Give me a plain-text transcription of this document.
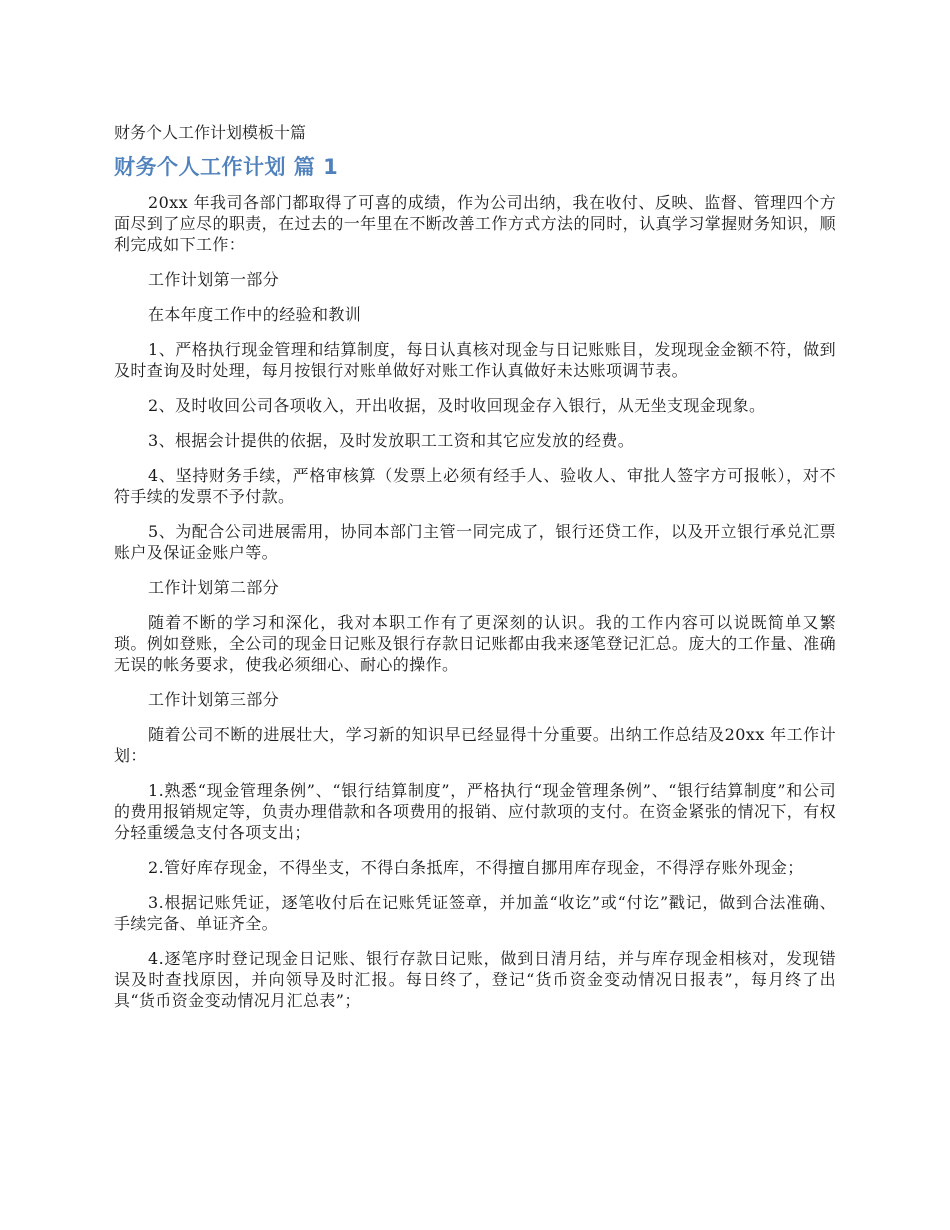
财务个人工作计划模板十篇
财务个人工作计划 篇 1

20xx 年我司各部门都取得了可喜的成绩，作为公司出纳，我在收付、反映、监督、管理四个方面尽到了应尽的职责，在过去的一年里在不断改善工作方式方法的同时，认真学习掌握财务知识，顺利完成如下工作：

工作计划第一部分

在本年度工作中的经验和教训

1、严格执行现金管理和结算制度，每日认真核对现金与日记账账目，发现现金金额不符，做到及时查询及时处理，每月按银行对账单做好对账工作认真做好未达账项调节表。

2、及时收回公司各项收入，开出收据，及时收回现金存入银行，从无坐支现金现象。

3、根据会计提供的依据，及时发放职工工资和其它应发放的经费。

4、坚持财务手续，严格审核算（发票上必须有经手人、验收人、审批人签字方可报帐），对不符手续的发票不予付款。

5、为配合公司进展需用，协同本部门主管一同完成了，银行还贷工作，以及开立银行承兑汇票账户及保证金账户等。

工作计划第二部分

随着不断的学习和深化，我对本职工作有了更深刻的认识。我的工作内容可以说既简单又繁琐。例如登账，全公司的现金日记账及银行存款日记账都由我来逐笔登记汇总。庞大的工作量、准确无误的帐务要求，使我必须细心、耐心的操作。

工作计划第三部分

随着公司不断的进展壮大，学习新的知识早已经显得十分重要。出纳工作总结及20xx 年工作计划：

1.熟悉“现金管理条例”、“银行结算制度”，严格执行“现金管理条例”、“银行结算制度”和公司的费用报销规定等，负责办理借款和各项费用的报销、应付款项的支付。在资金紧张的情况下，有权分轻重缓急支付各项支出；

2.管好库存现金，不得坐支，不得白条抵库，不得擅自挪用库存现金，不得浮存账外现金；

3.根据记账凭证，逐笔收付后在记账凭证签章，并加盖“收讫”或“付讫”戳记，做到合法准确、手续完备、单证齐全。

4.逐笔序时登记现金日记账、银行存款日记账，做到日清月结，并与库存现金相核对，发现错误及时查找原因，并向领导及时汇报。每日终了，登记“货币资金变动情况日报表”，每月终了出具“货币资金变动情况月汇总表”；
